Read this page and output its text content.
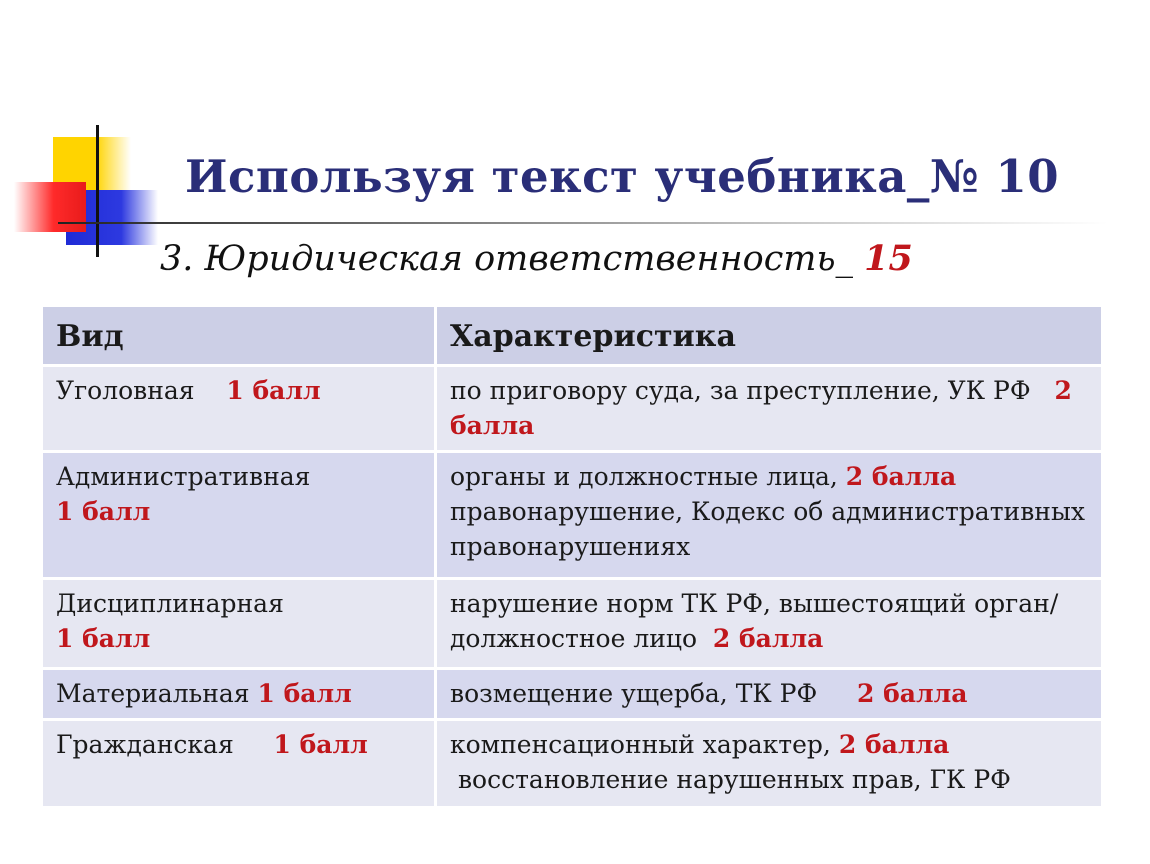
Используя текст учебника_№ 10
3. Юридическая ответственность_ 15
Вид	Характеристика
Уголовная 1 балл	по приговору суда, за преступление, УК РФ 2 балла
Административная
1 балл	органы и должностные лица, 2 балла правонарушение, Кодекс об административных правонарушениях
Дисциплинарная
1 балл	нарушение норм ТК РФ, вышестоящий орган/должностное лицо 2 балла
Материальная 1 балл	возмещение ущерба, ТК РФ 2 балла
Гражданская 1 балл	компенсационный характер, 2 балла
восстановление нарушенных прав, ГК РФ
